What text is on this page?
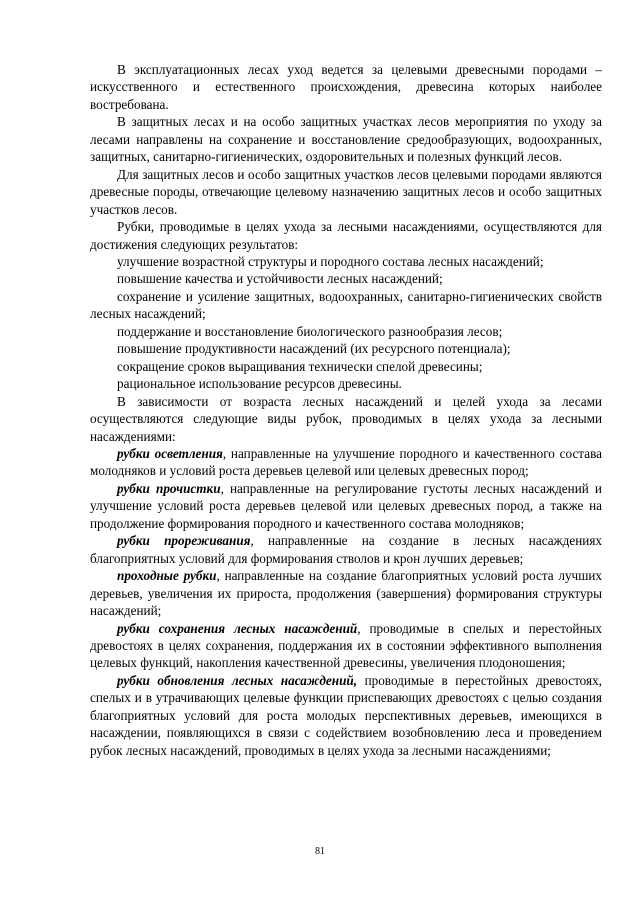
В эксплуатационных лесах уход ведется за целевыми древесными породами – искусственного и естественного происхождения, древесина которых наиболее востребована.

В защитных лесах и на особо защитных участках лесов мероприятия по уходу за лесами направлены на сохранение и восстановление средообразующих, водоохранных, защитных, санитарно-гигиенических, оздоровительных и полезных функций лесов.

Для защитных лесов и особо защитных участков лесов целевыми породами являются древесные породы, отвечающие целевому назначению защитных лесов и особо защитных участков лесов.

Рубки, проводимые в целях ухода за лесными насаждениями, осуществляются для достижения следующих результатов:

улучшение возрастной структуры и породного состава лесных насаждений;

повышение качества и устойчивости лесных насаждений;

сохранение и усиление защитных, водоохранных, санитарно-гигиенических свойств лесных насаждений;

поддержание и восстановление биологического разнообразия лесов;

повышение продуктивности насаждений (их ресурсного потенциала);

сокращение сроков выращивания технически спелой древесины;

рациональное использование ресурсов древесины.

В зависимости от возраста лесных насаждений и целей ухода за лесами осуществляются следующие виды рубок, проводимых в целях ухода за лесными насаждениями:

рубки осветления, направленные на улучшение породного и качественного состава молодняков и условий роста деревьев целевой или целевых древесных пород;

рубки прочистки, направленные на регулирование густоты лесных насаждений и улучшение условий роста деревьев целевой или целевых древесных пород, а также на продолжение формирования породного и качественного состава молодняков;

рубки прореживания, направленные на создание в лесных насаждениях благоприятных условий для формирования стволов и крон лучших деревьев;

проходные рубки, направленные на создание благоприятных условий роста лучших деревьев, увеличения их прироста, продолжения (завершения) формирования структуры насаждений;

рубки сохранения лесных насаждений, проводимые в спелых и перестойных древостоях в целях сохранения, поддержания их в состоянии эффективного выполнения целевых функций, накопления качественной древесины, увеличения плодоношения;

рубки обновления лесных насаждений, проводимые в перестойных древостоях, спелых и в утрачивающих целевые функции приспевающих древостоях с целью создания благоприятных условий для роста молодых перспективных деревьев, имеющихся в насаждении, появляющихся в связи с содействием возобновлению леса и проведением рубок лесных насаждений, проводимых в целях ухода за лесными насаждениями;

81
